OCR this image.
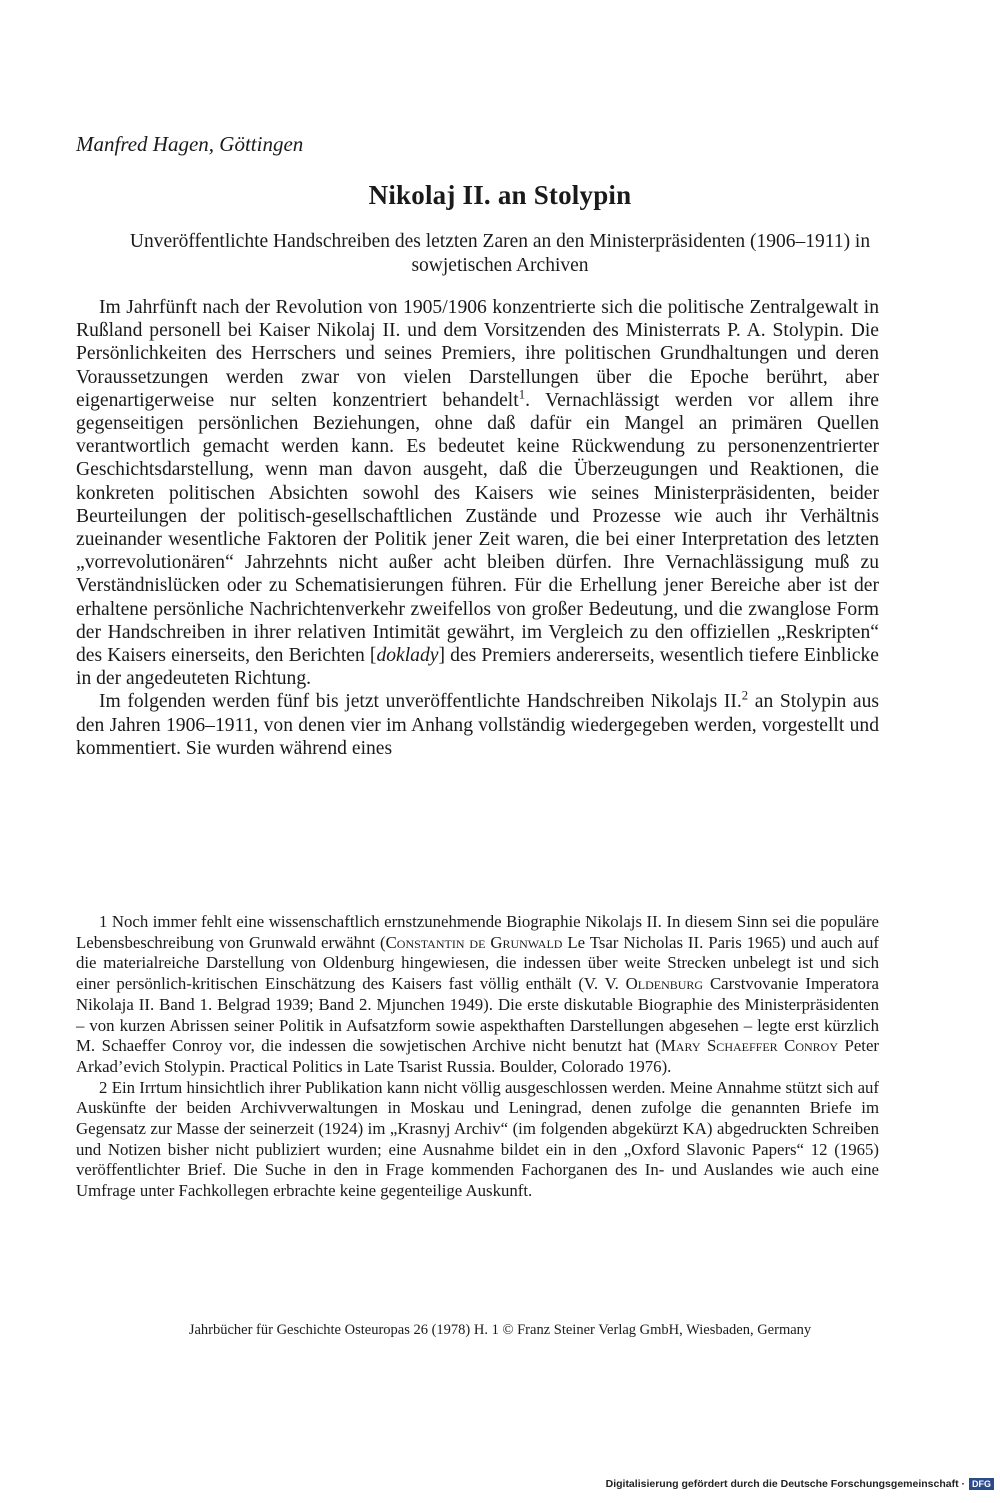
Manfred Hagen, Göttingen
Nikolaj II. an Stolypin
Unveröffentlichte Handschreiben des letzten Zaren an den Ministerpräsidenten (1906–1911) in sowjetischen Archiven

Im Jahrfünft nach der Revolution von 1905/1906 konzentrierte sich die politische Zentralgewalt in Rußland personell bei Kaiser Nikolaj II. und dem Vorsitzenden des Ministerrats P. A. Stolypin. Die Persönlichkeiten des Herrschers und seines Premiers, ihre politischen Grundhaltungen und deren Voraussetzungen werden zwar von vielen Darstellungen über die Epoche berührt, aber eigenartigerweise nur selten konzentriert behandelt$^1$. Vernachlässigt werden vor allem ihre gegenseitigen persönlichen Beziehungen, ohne daß dafür ein Mangel an primären Quellen verantwortlich gemacht werden kann. Es bedeutet keine Rückwendung zu personenzentrierter Geschichtsdarstellung, wenn man davon ausgeht, daß die Überzeugungen und Reaktionen, die konkreten politischen Absichten sowohl des Kaisers wie seines Ministerpräsidenten, beider Beurteilungen der politisch-gesellschaftlichen Zustände und Prozesse wie auch ihr Verhältnis zueinander wesentliche Faktoren der Politik jener Zeit waren, die bei einer Interpretation des letzten „vorrevolutionären“ Jahrzehnts nicht außer acht bleiben dürfen. Ihre Vernachlässigung muß zu Verständnislücken oder zu Schematisierungen führen. Für die Erhellung jener Bereiche aber ist der erhaltene persönliche Nachrichtenverkehr zweifellos von großer Bedeutung, und die zwanglose Form der Handschreiben in ihrer relativen Intimität gewährt, im Vergleich zu den offiziellen „Reskripten“ des Kaisers einerseits, den Berichten [doklady] des Premiers andererseits, wesentlich tiefere Einblicke in der angedeuteten Richtung.

Im folgenden werden fünf bis jetzt unveröffentlichte Handschreiben Nikolajs II.$^2$ an Stolypin aus den Jahren 1906–1911, von denen vier im Anhang vollständig wiedergegeben werden, vorgestellt und kommentiert. Sie wurden während eines

1 Noch immer fehlt eine wissenschaftlich ernstzunehmende Biographie Nikolajs II. In diesem Sinn sei die populäre Lebensbeschreibung von Grunwald erwähnt (Constantin de Grunwald Le Tsar Nicholas II. Paris 1965) und auch auf die materialreiche Darstellung von Oldenburg hingewiesen, die indessen über weite Strecken unbelegt ist und sich einer persönlich-kritischen Einschätzung des Kaisers fast völlig enthält (V. V. Oldenburg Carstvovanie Imperatora Nikolaja II. Band 1. Belgrad 1939; Band 2. Mjunchen 1949). Die erste diskutable Biographie des Ministerpräsidenten – von kurzen Abrissen seiner Politik in Aufsatzform sowie aspekthaften Darstellungen abgesehen – legte erst kürzlich M. Schaeffer Conroy vor, die indessen die sowjetischen Archive nicht benutzt hat (Mary Schaeffer Conroy Peter Arkad’evich Stolypin. Practical Politics in Late Tsarist Russia. Boulder, Colorado 1976).

2 Ein Irrtum hinsichtlich ihrer Publikation kann nicht völlig ausgeschlossen werden. Meine Annahme stützt sich auf Auskünfte der beiden Archivverwaltungen in Moskau und Leningrad, denen zufolge die genannten Briefe im Gegensatz zur Masse der seinerzeit (1924) im „Krasnyj Archiv“ (im folgenden abgekürzt KA) abgedruckten Schreiben und Notizen bisher nicht publiziert wurden; eine Ausnahme bildet ein in den „Oxford Slavonic Papers“ 12 (1965) veröffentlichter Brief. Die Suche in den in Frage kommenden Fachorganen des In- und Auslandes wie auch eine Umfrage unter Fachkollegen erbrachte keine gegenteilige Auskunft.

Jahrbücher für Geschichte Osteuropas 26 (1978) H. 1 © Franz Steiner Verlag GmbH, Wiesbaden, Germany
Digitalisierung gefördert durch die Deutsche Forschungsgemeinschaft · DFG
